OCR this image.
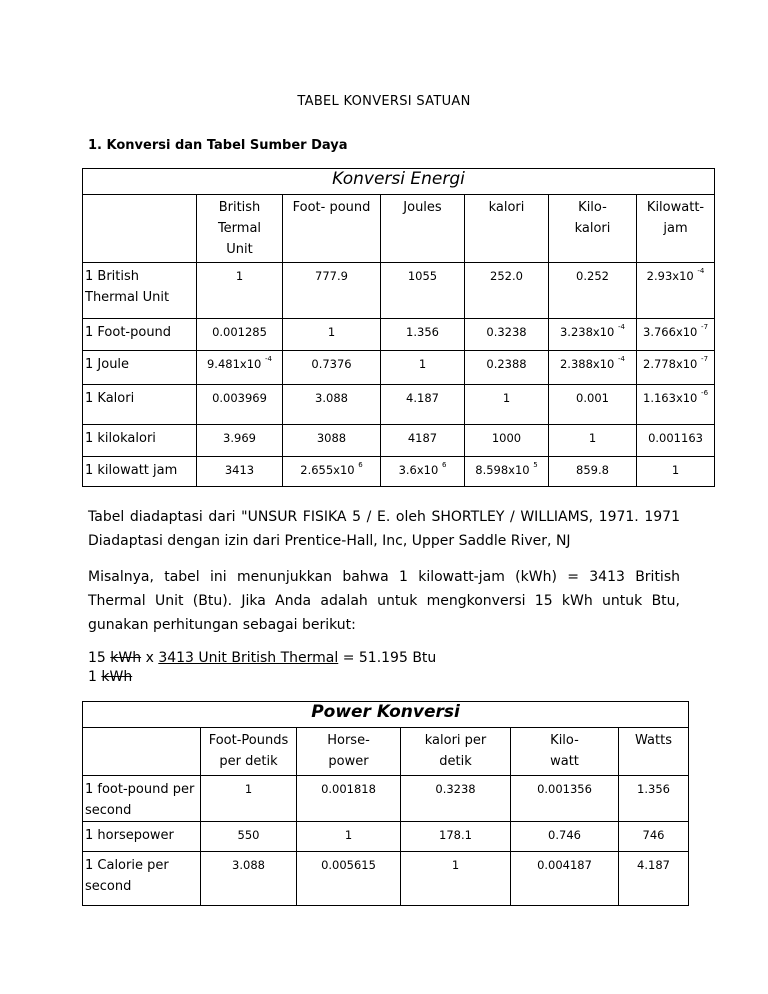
TABEL KONVERSI SATUAN
1. Konversi dan Tabel Sumber Daya
Konversi Energi						
	British Termal Unit	Foot- pound	Joules	kalori	Kilo- kalori	Kilowatt- jam
1 British Thermal Unit	1	777.9	1055	252.0	0.252	2.93x10 $^{-4}$
1 Foot-pound	0.001285	1	1.356	0.3238	3.238x10 $^{-4}$	3.766x10 $^{-7}$
1 Joule	9.481x10 $^{-4}$	0.7376	1	0.2388	2.388x10 $^{-4}$	2.778x10 $^{-7}$
1 Kalori	0.003969	3.088	4.187	1	0.001	1.163x10 $^{-6}$
1 kilokalori	3.969	3088	4187	1000	1	0.001163
1 kilowatt jam	3413	2.655x10 $^6$	3.6x10 $^6$	8.598x10 $^5$	859.8	1
Tabel diadaptasi dari "UNSUR FISIKA 5 / E. oleh SHORTLEY / WILLIAMS, 1971. 1971 Diadaptasi dengan izin dari Prentice-Hall, Inc, Upper Saddle River, NJ
Misalnya, tabel ini menunjukkan bahwa 1 kilowatt-jam (kWh) = 3413 British Thermal Unit (Btu). Jika Anda adalah untuk mengkonversi 15 kWh untuk Btu, gunakan perhitungan sebagai berikut:
15 kWh x 3413 Unit British Thermal = 51.195 Btu
1 kWh
Power Konversi					
	Foot-Pounds per detik	Horse- power	kalori per detik	Kilo- watt	Watts
1 foot-pound per second	1	0.001818	0.3238	0.001356	1.356
1 horsepower	550	1	178.1	0.746	746
1 Calorie per second	3.088	0.005615	1	0.004187	4.187
